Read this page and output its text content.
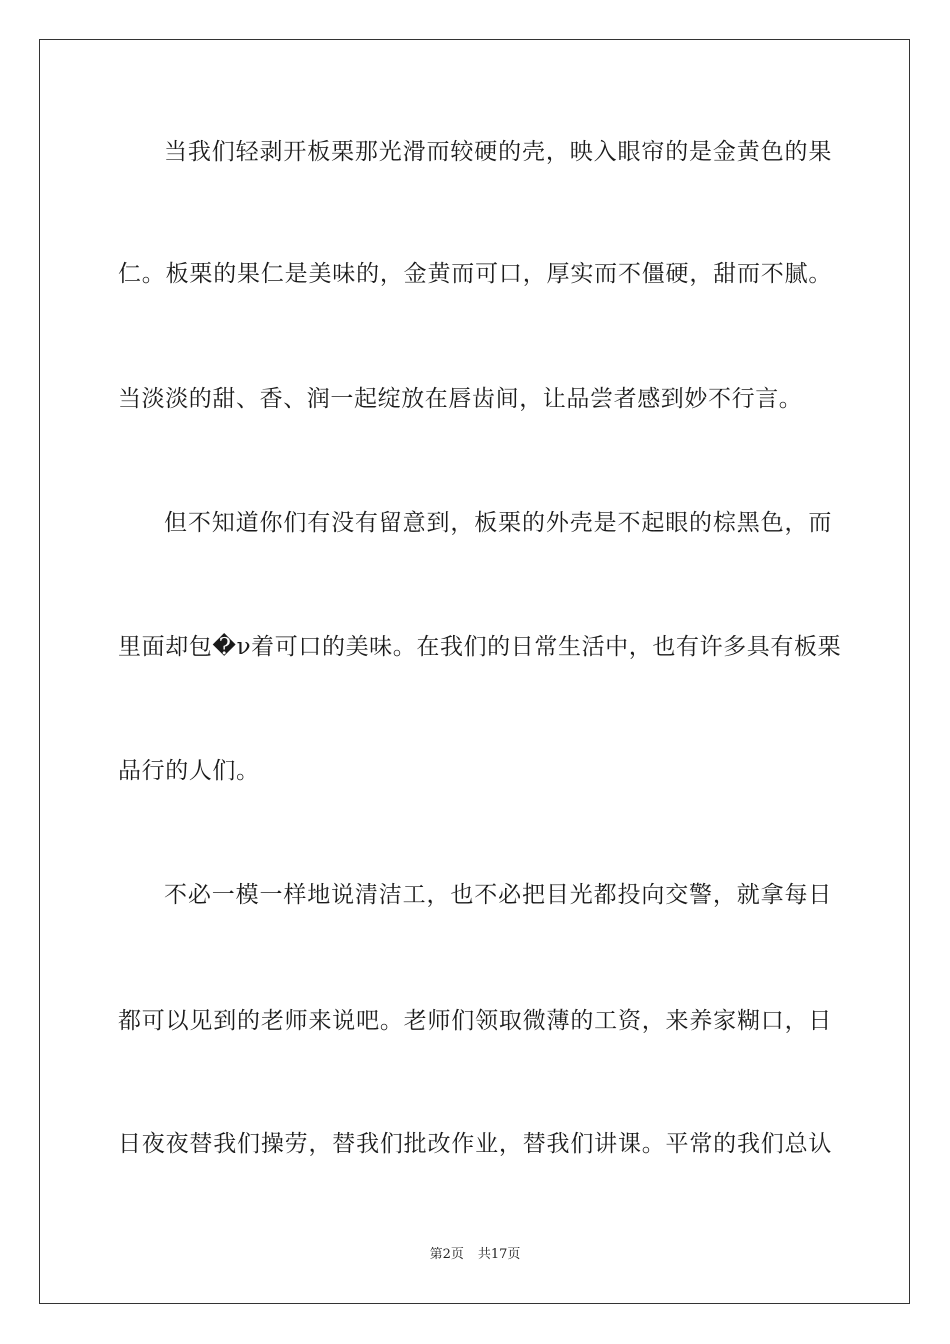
当我们轻剥开板栗那光滑而较硬的壳，映入眼帘的是金黄色的果
仁。板栗的果仁是美味的，金黄而可口，厚实而不僵硬，甜而不腻。
当淡淡的甜、香、润一起绽放在唇齿间，让品尝者感到妙不行言。
但不知道你们有没有留意到，板栗的外壳是不起眼的棕黑色，而
里面却包�ν着可口的美味。在我们的日常生活中，也有许多具有板栗
品行的人们。
不必一模一样地说清洁工，也不必把目光都投向交警，就拿每日
都可以见到的老师来说吧。老师们领取微薄的工资，来养家糊口，日
日夜夜替我们操劳，替我们批改作业，替我们讲课。平常的我们总认
第2页 共17页
